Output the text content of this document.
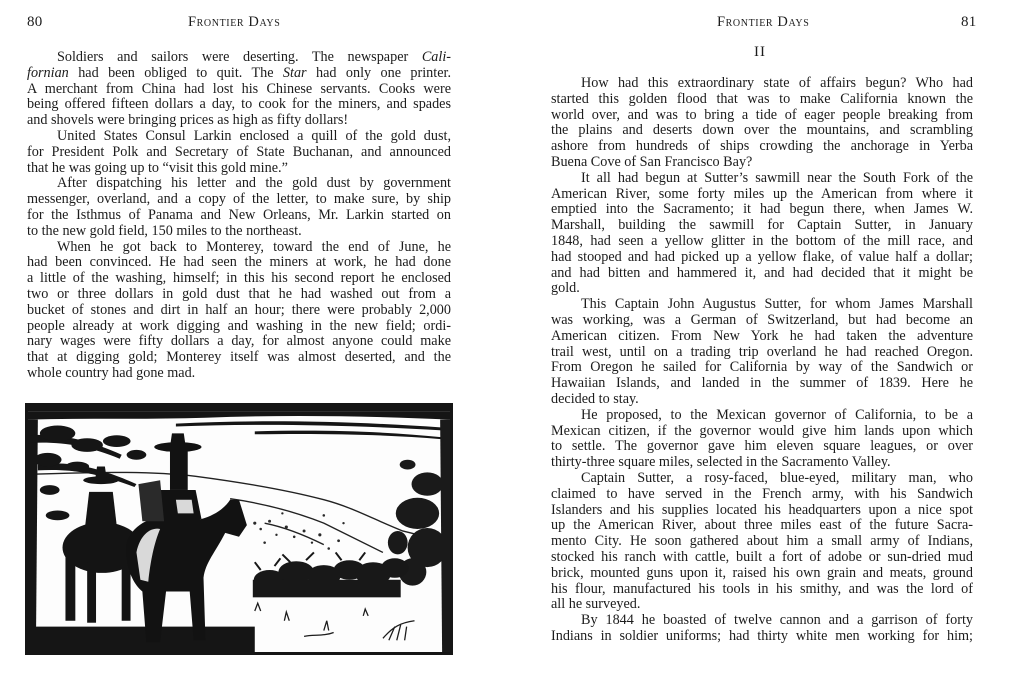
80	Frontier Days
Soldiers and sailors were deserting. The newspaper Cali-
fornian had been obliged to quit. The Star had only one printer.
A merchant from China had lost his Chinese servants. Cooks were
being offered fifteen dollars a day, to cook for the miners, and spades
and shovels were bringing prices as high as fifty dollars!
United States Consul Larkin enclosed a quill of the gold dust,
for President Polk and Secretary of State Buchanan, and announced
that he was going up to “visit this gold mine.”
After dispatching his letter and the gold dust by government
messenger, overland, and a copy of the letter, to make sure, by ship
for the Isthmus of Panama and New Orleans, Mr. Larkin started on
to the new gold field, 150 miles to the northeast.
When he got back to Monterey, toward the end of June, he
had been convinced. He had seen the miners at work, he had done
a little of the washing, himself; in this his second report he enclosed
two or three dollars in gold dust that he had washed out from a
bucket of stones and dirt in half an hour; there were probably 2,000
people already at work digging and washing in the new field; ordi-
nary wages were fifty dollars a day, for almost anyone could make
that at digging gold; Monterey itself was almost deserted, and the
whole country had gone mad.
Frontier Days	81
II
How had this extraordinary state of affairs begun? Who had
started this golden flood that was to make California known the
world over, and was to bring a tide of eager people breaking from
the plains and deserts down over the mountains, and scrambling
ashore from hundreds of ships crowding the anchorage in Yerba
Buena Cove of San Francisco Bay?
It all had begun at Sutter’s sawmill near the South Fork of the
American River, some forty miles up the American from where it
emptied into the Sacramento; it had begun there, when James W.
Marshall, building the sawmill for Captain Sutter, in January
1848, had seen a yellow glitter in the bottom of the mill race, and
had stooped and had picked up a yellow flake, of value half a dollar;
and had bitten and hammered it, and had decided that it might be
gold.
This Captain John Augustus Sutter, for whom James Marshall
was working, was a German of Switzerland, but had become an
American citizen. From New York he had taken the adventure
trail west, until on a trading trip overland he had reached Oregon.
From Oregon he sailed for California by way of the Sandwich or
Hawaiian Islands, and landed in the summer of 1839. Here he
decided to stay.
He proposed, to the Mexican governor of California, to be a
Mexican citizen, if the governor would give him lands upon which
to settle. The governor gave him eleven square leagues, or over
thirty-three square miles, selected in the Sacramento Valley.
Captain Sutter, a rosy-faced, blue-eyed, military man, who
claimed to have served in the French army, with his Sandwich
Islanders and his supplies located his headquarters upon a nice spot
up the American River, about three miles east of the future Sacra-
mento City. He soon gathered about him a small army of Indians,
stocked his ranch with cattle, built a fort of adobe or sun-dried mud
brick, mounted guns upon it, raised his own grain and meats, ground
his flour, manufactured his tools in his smithy, and was the lord of
all he surveyed.
By 1844 he boasted of twelve cannon and a garrison of forty
Indians in soldier uniforms; had thirty white men working for him;
